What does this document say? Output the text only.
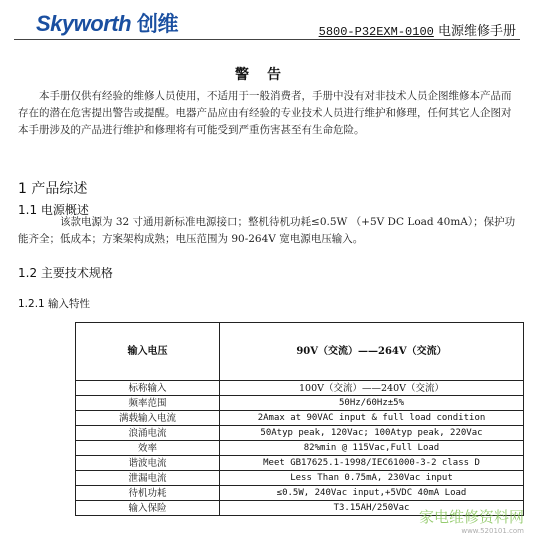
Skyworth 创维	5800-P32EXM-0100 电源维修手册
警告
本手册仅供有经验的维修人员使用，不适用于一般消费者，手册中没有对非技术人员企图维修本产品而存在的潜在危害提出警告或提醒。电器产品应由有经验的专业技术人员进行维护和修理，任何其它人企图对本手册涉及的产品进行维护和修理将有可能受到严重伤害甚至有生命危险。
1 产品综述
1.1 电源概述
该款电源为 32 寸通用新标准电源接口；整机待机功耗≤0.5W （+5V DC Load 40mA）；保护功能齐全；低成本；方案架构成熟；电压范围为 90-264V 宽电源电压输入。
1.2 主要技术规格
1.2.1 输入特性
输入电压	90V（交流）——264V（交流）
标称输入	100V（交流）——240V（交流）
频率范围	50Hz/60Hz±5%
满载输入电流	2Amax at 90VAC input & full load condition
浪涌电流	50Atyp peak, 120Vac; 100Atyp peak, 220Vac
效率	82%min @ 115Vac,Full Load
谐波电流	Meet GB17625.1-1998/IEC61000-3-2 class D
泄漏电流	Less Than 0.75mA, 230Vac input
待机功耗	≤0.5W, 240Vac input,+5VDC 40mA Load
输入保险	T3.15AH/250Vac
家电维修资料网
www.520101.com
